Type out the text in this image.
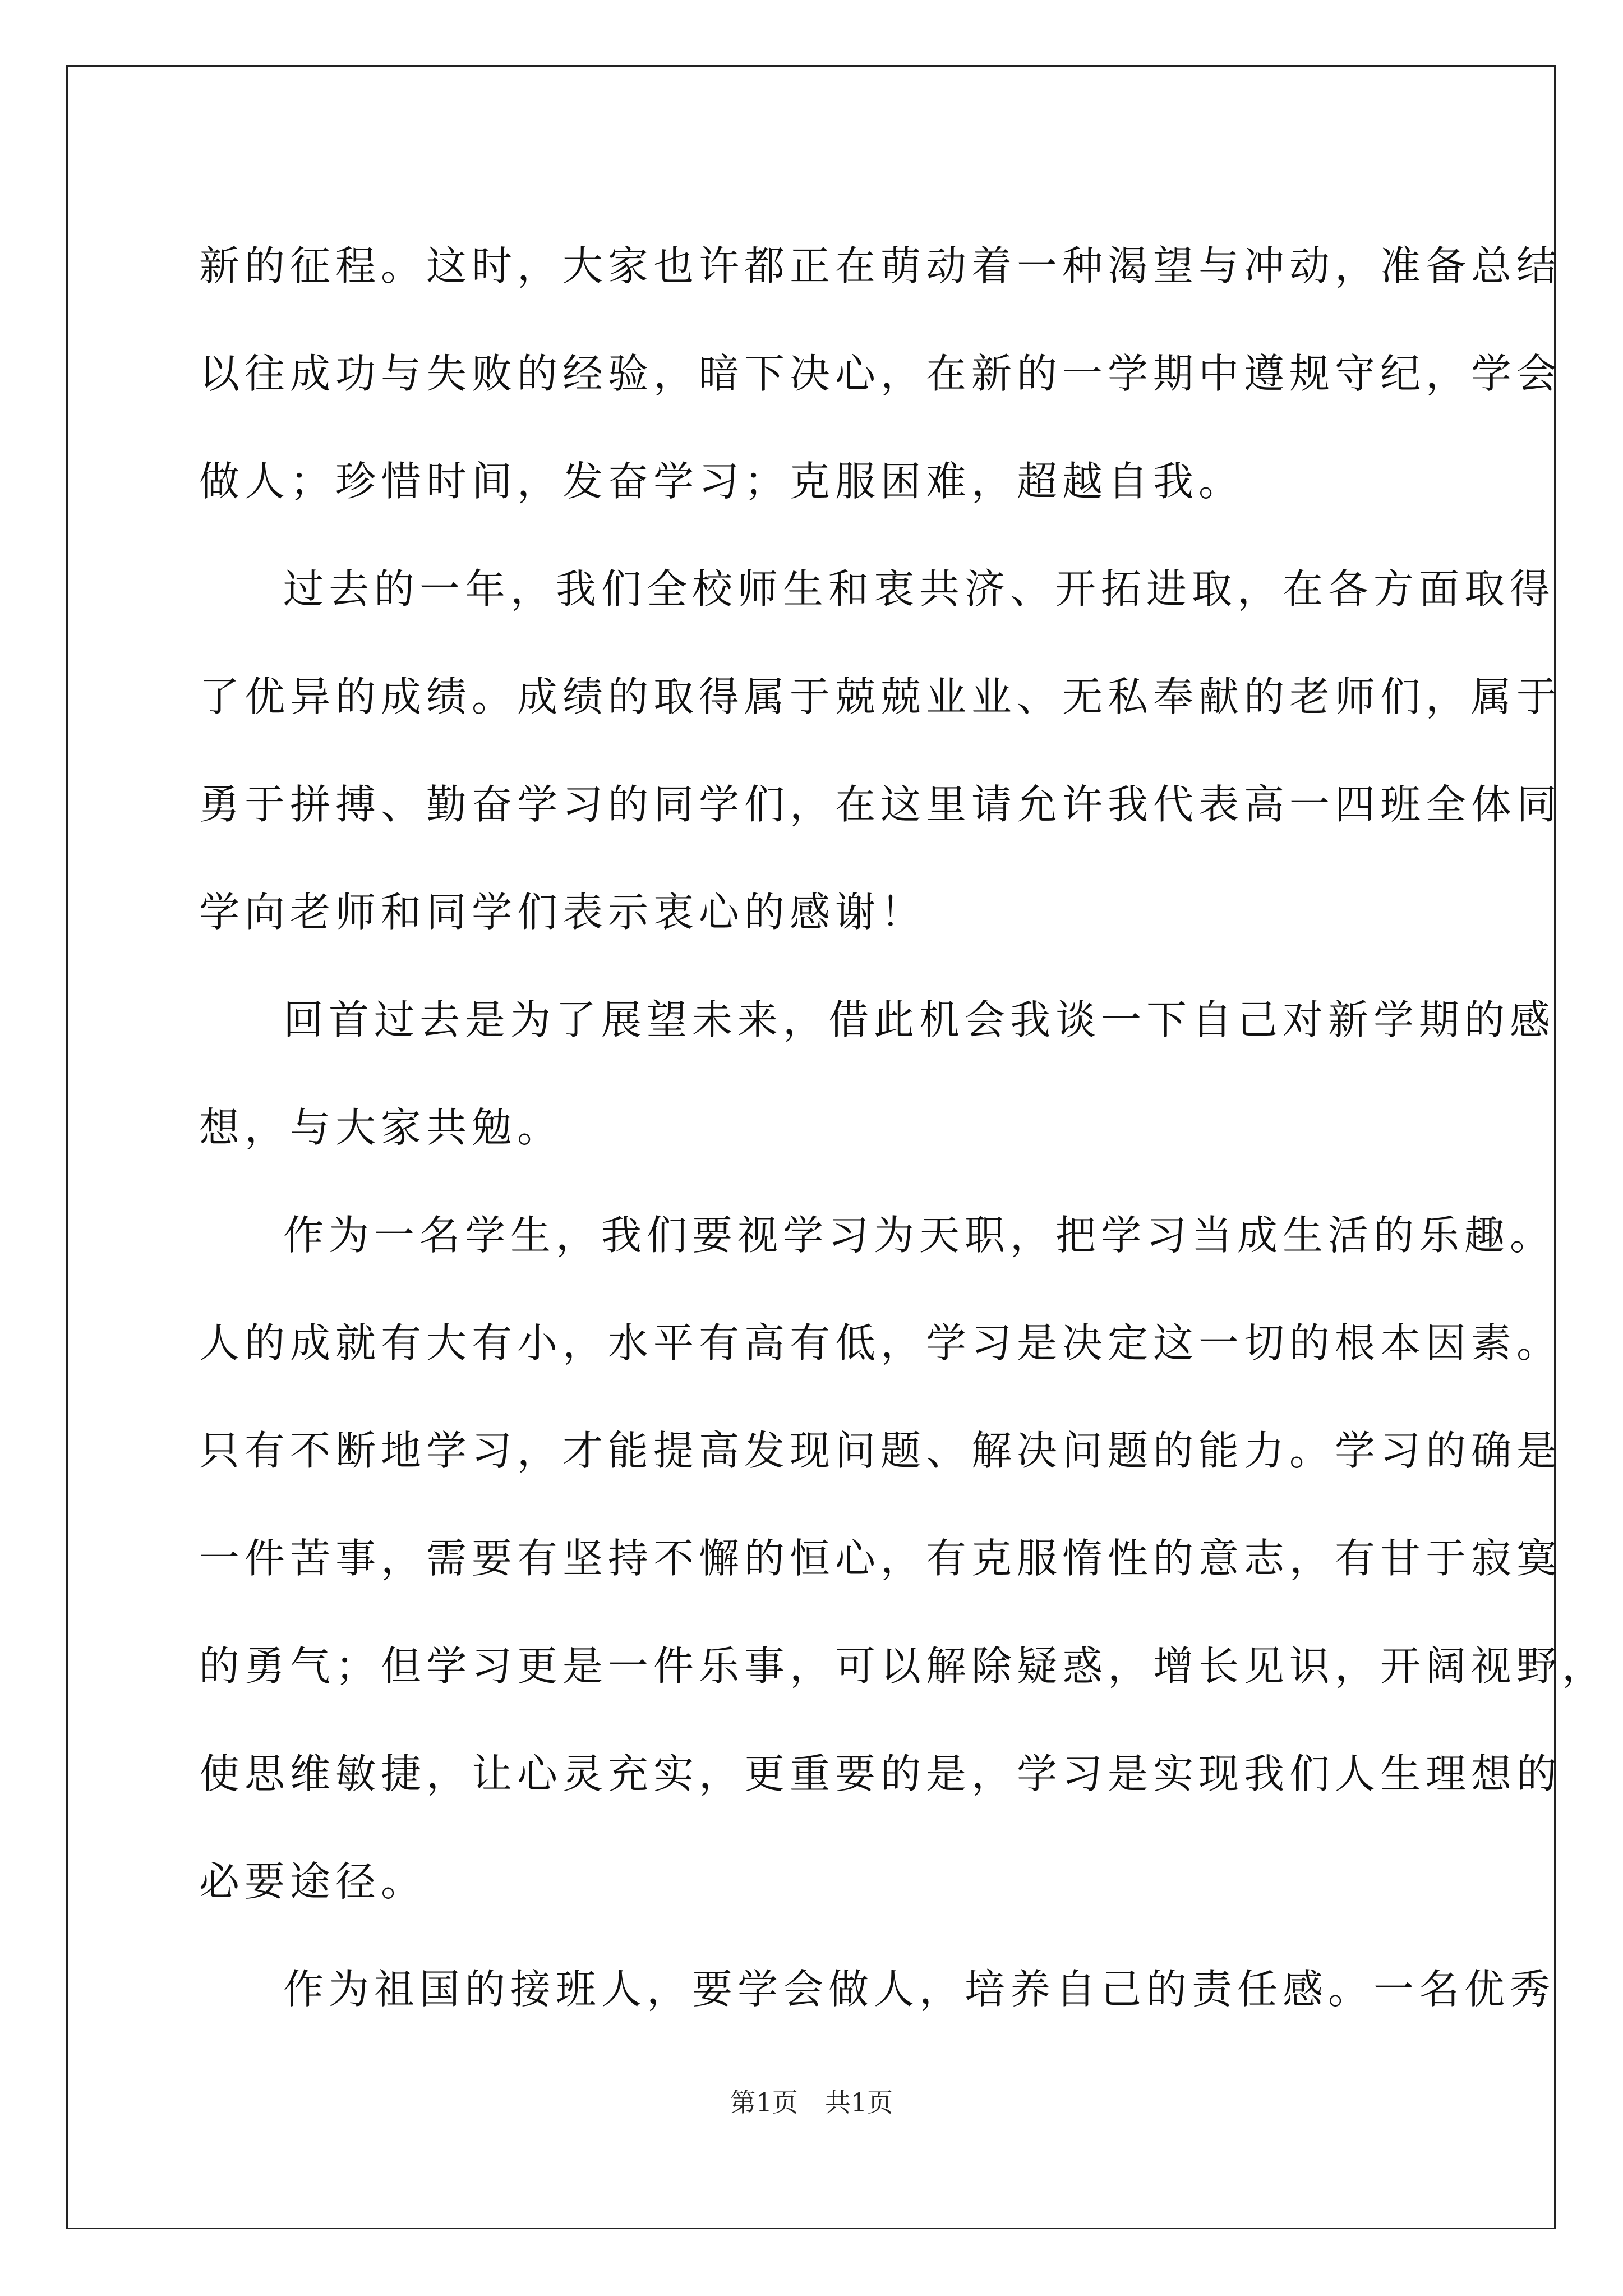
新的征程。这时，大家也许都正在萌动着一种渴望与冲动，准备总结

以往成功与失败的经验，暗下决心，在新的一学期中遵规守纪，学会

做人；珍惜时间，发奋学习；克服困难，超越自我。

过去的一年，我们全校师生和衷共济、开拓进取，在各方面取得

了优异的成绩。成绩的取得属于兢兢业业、无私奉献的老师们，属于

勇于拼搏、勤奋学习的同学们，在这里请允许我代表高一四班全体同

学向老师和同学们表示衷心的感谢！

回首过去是为了展望未来，借此机会我谈一下自己对新学期的感

想，与大家共勉。

作为一名学生，我们要视学习为天职，把学习当成生活的乐趣。

人的成就有大有小，水平有高有低，学习是决定这一切的根本因素。

只有不断地学习，才能提高发现问题、解决问题的能力。学习的确是

一件苦事，需要有坚持不懈的恒心，有克服惰性的意志，有甘于寂寞

的勇气；但学习更是一件乐事，可以解除疑惑，增长见识，开阔视野，

使思维敏捷，让心灵充实，更重要的是，学习是实现我们人生理想的

必要途径。

作为祖国的接班人，要学会做人，培养自己的责任感。一名优秀

第1页 共1页
